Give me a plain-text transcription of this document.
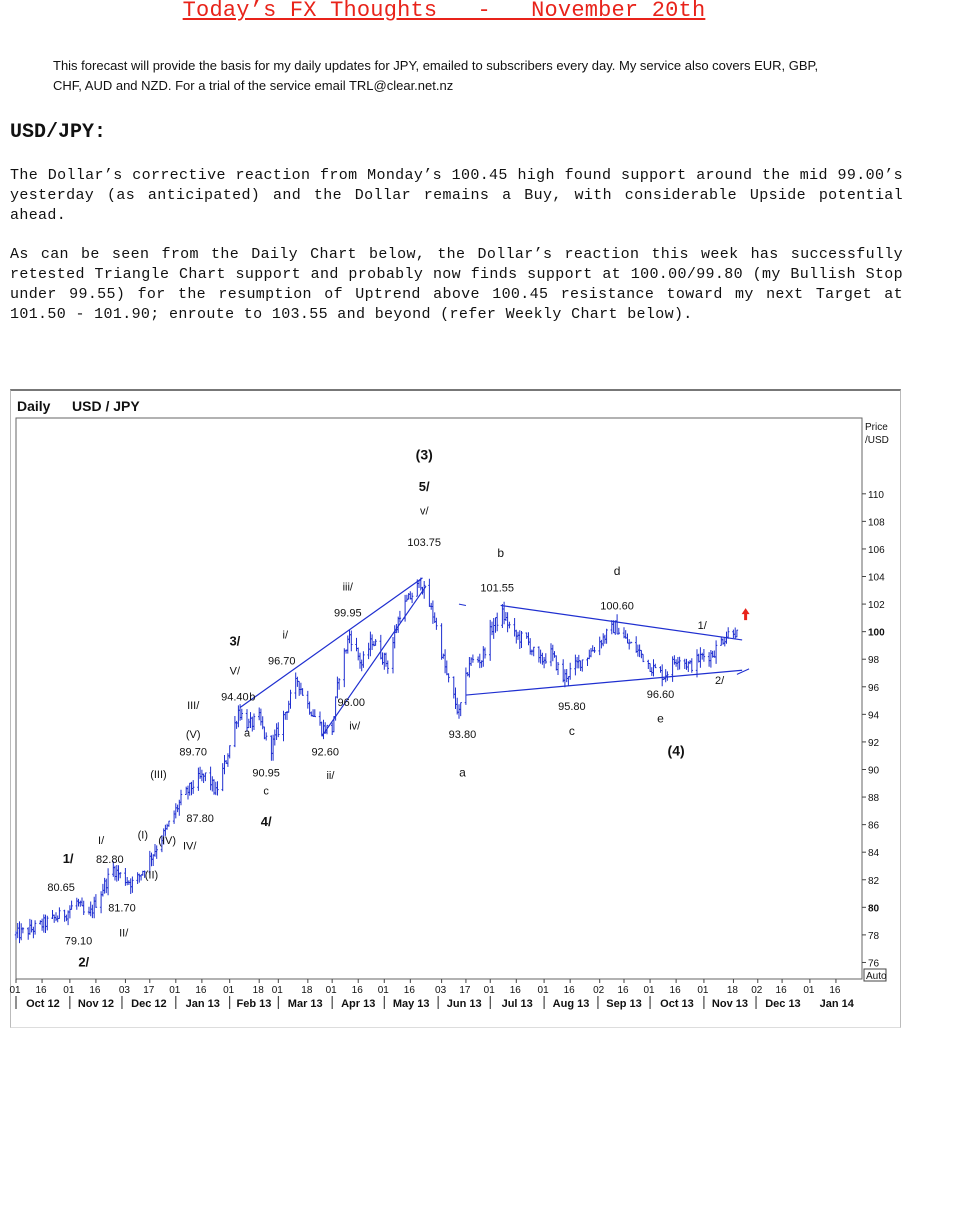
Today’s FX Thoughts   -   November 20th
This forecast will provide the basis for my daily updates for JPY, emailed to subscribers every day. My service also covers EUR, GBP, CHF, AUD and NZD. For a trial of the service email TRL@clear.net.nz
USD/JPY:
The Dollar’s corrective reaction from Monday’s 100.45 high found support around the mid 99.00’s yesterday (as anticipated) and the Dollar remains a Buy, with considerable Upside potential ahead.
As can be seen from the Daily Chart below, the Dollar’s reaction this week has successfully retested Triangle Chart support and probably now finds support at 100.00/99.80 (my Bullish Stop under 99.55) for the resumption of Uptrend above 100.45 resistance toward my next Target at 101.50 - 101.90; enroute to 103.55 and beyond (refer Weekly Chart below).
Daily USD / JPY
Price
/USD
76
78
80
82
84
86
88
90
92
94
96
98
100
102
104
106
108
110
Auto
01 16 01 16 03 17 01 16 01 18 01 18 01 16 01 16 03 17 01 16 01 16 02 16 01 16 01 18 02 16 01 16
Oct 12 Nov 12 Dec 12 Jan 13 Feb 13 Mar 13 Apr 13 May 13 Jun 13 Jul 13 Aug 13 Sep 13 Oct 13 Nov 13 Dec 13 Jan 14
(3)
5/
v/
103.75
b
101.55
d
100.60
1/
2/
96.60
e
(4)
95.80
c
93.80
a
iii/
99.95
96.00
iv/
92.60
ii/
i/
96.70
3/
V/
94.40 b
a
90.95
c
4/
III/
(V)
89.70
(III)
87.80
IV/
(IV)
(I)
(II)
I/
1/ 82.80
80.65
81.70
II/
79.10
2/
